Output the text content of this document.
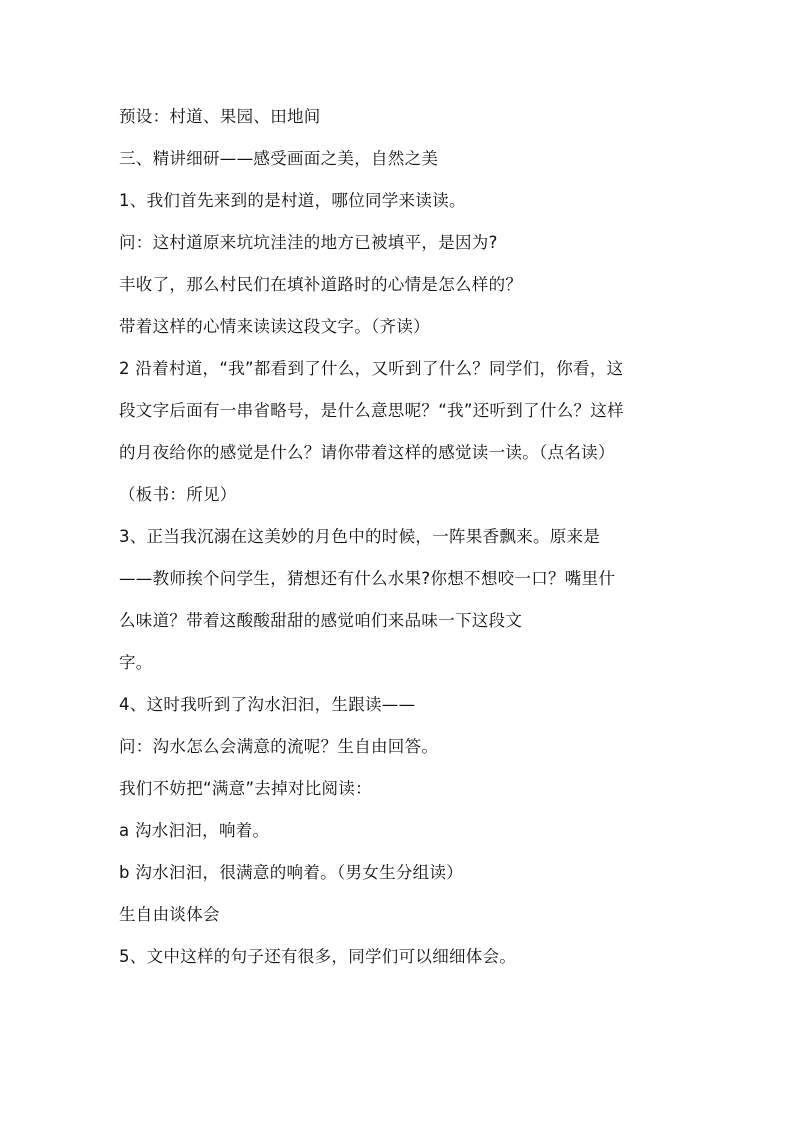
预设：村道、果园、田地间

三、精讲细研——感受画面之美，自然之美

1、我们首先来到的是村道，哪位同学来读读。

问：这村道原来坑坑洼洼的地方已被填平，是因为?

丰收了，那么村民们在填补道路时的心情是怎么样的？

带着这样的心情来读读这段文字。（齐读）

2 沿着村道，“我”都看到了什么，又听到了什么？同学们，你看，这

段文字后面有一串省略号，是什么意思呢？“我”还听到了什么？这样

的月夜给你的感觉是什么？请你带着这样的感觉读一读。（点名读）

（板书：所见）

3、正当我沉溺在这美妙的月色中的时候，一阵果香飘来。原来是

——教师挨个问学生，猜想还有什么水果?你想不想咬一口？嘴里什

么味道？带着这酸酸甜甜的感觉咱们来品味一下这段文

字。

4、这时我听到了沟水汩汩，生跟读——

问：沟水怎么会满意的流呢？生自由回答。

我们不妨把“满意”去掉对比阅读：

a 沟水汩汩，响着。

b 沟水汩汩，很满意的响着。（男女生分组读）

生自由谈体会

5、文中这样的句子还有很多，同学们可以细细体会。
